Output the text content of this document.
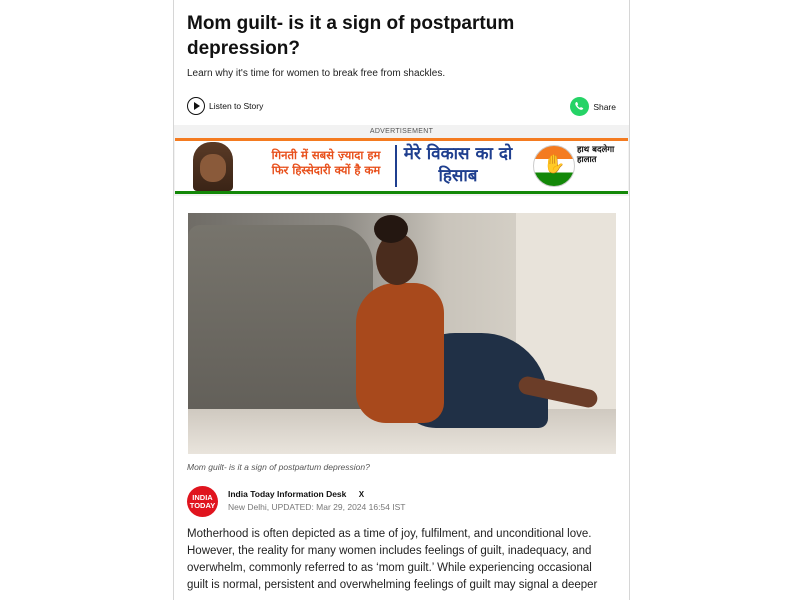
Mom guilt- is it a sign of postpartum depression?
Learn why it's time for women to break free from shackles.
Listen to Story	Share
ADVERTISEMENT
गिनती में सबसे ज़्यादा हम फिर हिस्सेदारी क्यों है कम
मेरे विकास का दो हिसाब
✋
हाथ बदलेगा हालात
Mom guilt- is it a sign of postpartum depression?
INDIA
TODAY
India Today Information Desk X
New Delhi, UPDATED: Mar 29, 2024 16:54 IST

Motherhood is often depicted as a time of joy, fulfilment, and unconditional love. However, the reality for many women includes feelings of guilt, inadequacy, and overwhelm, commonly referred to as ‘mom guilt.’ While experiencing occasional guilt is normal, persistent and overwhelming feelings of guilt may signal a deeper
